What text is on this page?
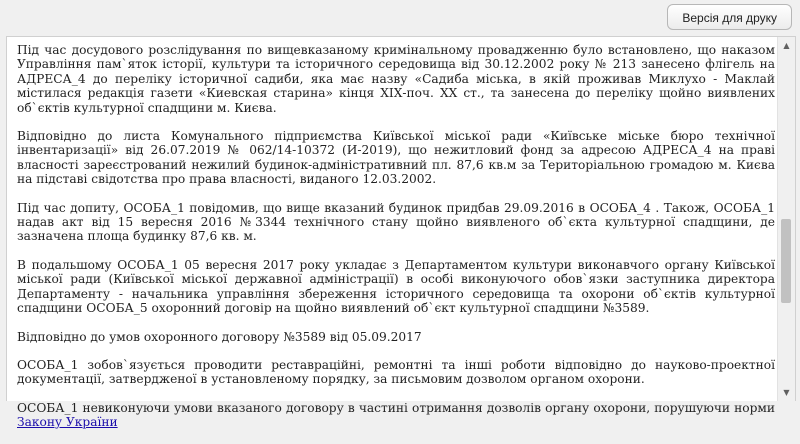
Версія для друку

Під час досудового розслідування по вищевказаному кримінальному провадженню було встановлено, що наказом Управління пам`яток історії, культури та історичного середовища від 30.12.2002 року № 213 занесено флігель на АДРЕСА_4 до переліку історичної садиби, яка має назву «Садиба міська, в якій проживав Миклухо - Маклай містилася редакція газети «Киевская старина» кінця ХІХ-поч. ХХ ст., та занесена до переліку щойно виявлених об`єктів культурної спадщини м. Києва.

Відповідно до листа Комунального підприємства Київської міської ради «Київське міське бюро технічної інвентаризації» від 26.07.2019 № 062/14-10372 (И-2019), що нежитловий фонд за адресою АДРЕСА_4 на праві власності зареєстрований нежилий будинок-адміністративний пл. 87,6 кв.м за Територіальною громадою м. Києва на підставі свідотства про права власності, виданого 12.03.2002.

Під час допиту, ОСОБА_1 повідомив, що вище вказаний будинок придбав 29.09.2016 в ОСОБА_4 . Також, ОСОБА_1 надав акт від 15 вересня 2016 №3344 технічного стану щойно виявленого об`єкта культурної спадщини, де зазначена площа будинку 87,6 кв. м.

В подальшому ОСОБА_1 05 вересня 2017 року укладає з Департаментом культури виконавчого органу Київської міської ради (Київської міської державної адміністрації) в особі виконуючого обов`язки заступника директора Департаменту - начальника управління збереження історичного середовища та охорони об`єктів культурної спадщини ОСОБА_5 охоронний договір на щойно виявлений об`єкт культурної спадщини №3589.

Відповідно до умов охоронного договору №3589 від 05.09.2017

ОСОБА_1 зобов`язується проводити реставраційні, ремонтні та інші роботи відповідно до науково-проектної документації, затвердженої в установленому порядку, за письмовим дозволом органом охорони.

ОСОБА_1 невиконуючи умови вказаного договору в частині отримання дозволів органу охорони, порушуючи норми Закону України

▲
▼
